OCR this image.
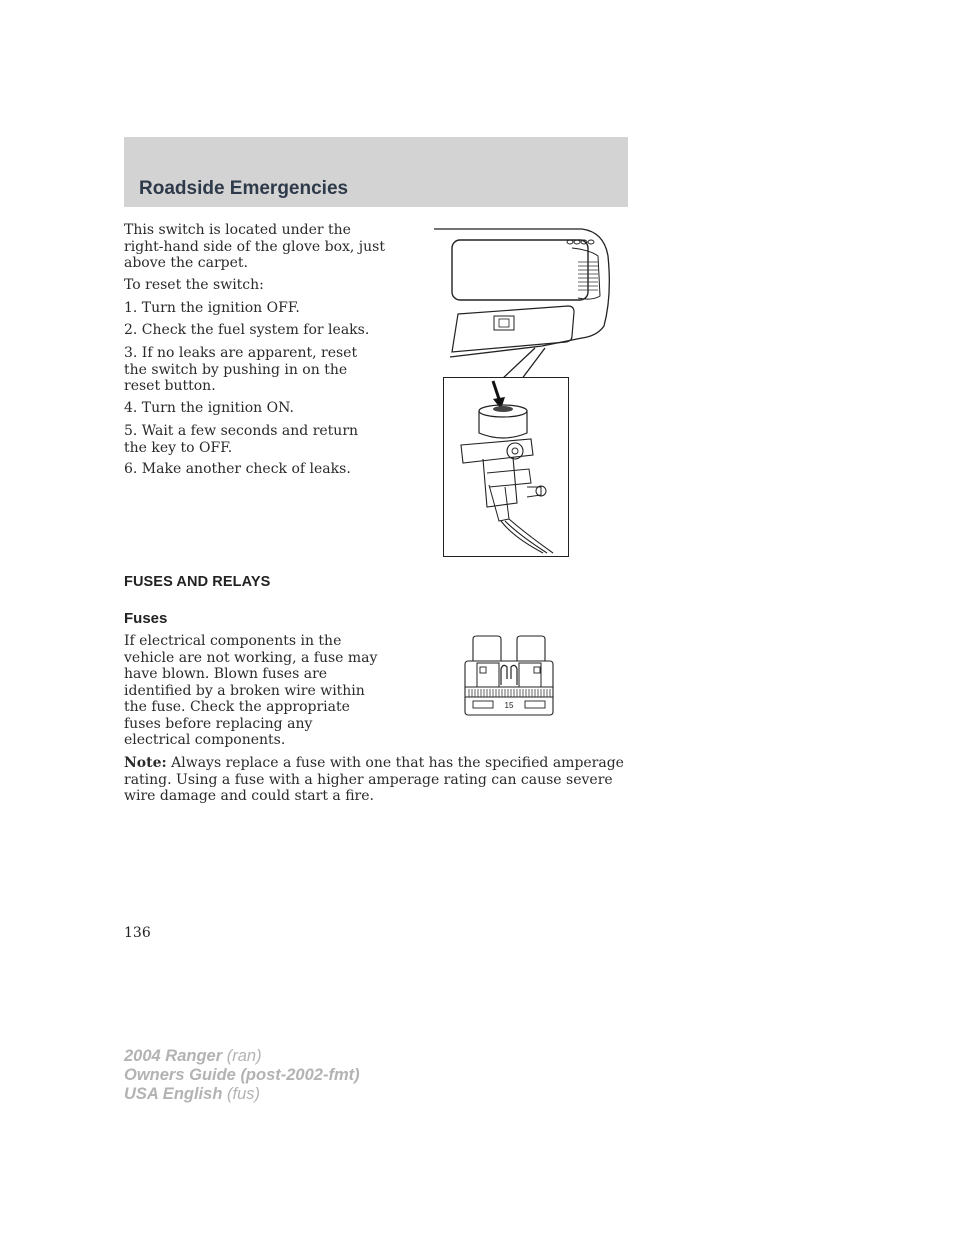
Roadside Emergencies

This switch is located under the right-hand side of the glove box, just above the carpet.

To reset the switch:

1. Turn the ignition OFF.

2. Check the fuel system for leaks.

3. If no leaks are apparent, reset the switch by pushing in on the reset button.

4. Turn the ignition ON.

5. Wait a few seconds and return the key to OFF.

6. Make another check of leaks.

FUSES AND RELAYS
Fuses

If electrical components in the vehicle are not working, a fuse may have blown. Blown fuses are identified by a broken wire within the fuse. Check the appropriate fuses before replacing any electrical components.

15

Note: Always replace a fuse with one that has the specified amperage rating. Using a fuse with a higher amperage rating can cause severe wire damage and could start a fire.

136
2004 Ranger (ran)
Owners Guide (post-2002-fmt)
USA English (fus)
